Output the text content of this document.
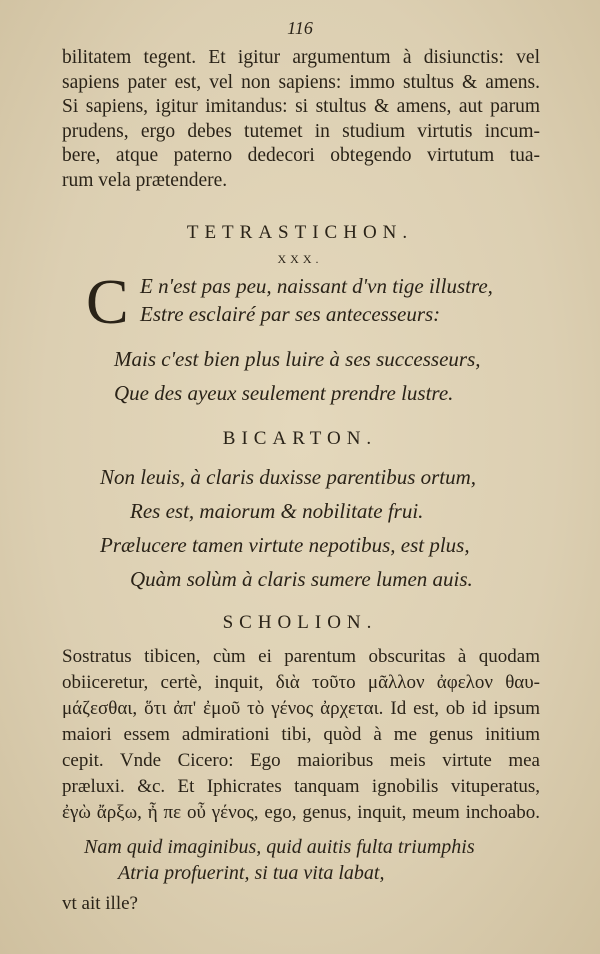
116
bilitatem tegent. Et igitur argumentum à disiunctis: vel
sapiens pater est, vel non sapiens: immo stultus & amens.
Si sapiens, igitur imitandus: si stultus & amens, aut parum
prudens, ergo debes tutemet in studium virtutis incum-
bere, atque paterno dedecori obtegendo virtutum tua-
rum vela prætendere.
TETRASTICHON.
XXX.
C E n'est pas peu, naissant d'vn tige illustre,
Estre esclairé par ses antecesseurs:
Mais c'est bien plus luire à ses successeurs,
Que des ayeux seulement prendre lustre.
BICARTON.
Non leuis, à claris duxisse parentibus ortum,
Res est, maiorum & nobilitate frui.
Prælucere tamen virtute nepotibus, est plus,
Quàm solùm à claris sumere lumen auis.
SCHOLION.
Sostratus tibicen, cùm ei parentum obscuritas à quodam
obiiceretur, certè, inquit, διὰ τοῦτο μᾶλλον ἀφελον θαυ-
μάζεσθαι, ὅτι ἀπ' ἐμοῦ τὸ γένος ἀρχεται. Id est, ob id ipsum
maiori essem admirationi tibi, quòd à me genus initium
cepit. Vnde Cicero: Ego maioribus meis virtute mea
præluxi. &c. Et Iphicrates tanquam ignobilis vituperatus,
ἐγὼ ἄρξω, ἦ πε οὖ γένος, ego, genus, inquit, meum inchoabo.
Nam quid imaginibus, quid auitis fulta triumphis
Atria profuerint, si tua vita labat,
vt ait ille?
